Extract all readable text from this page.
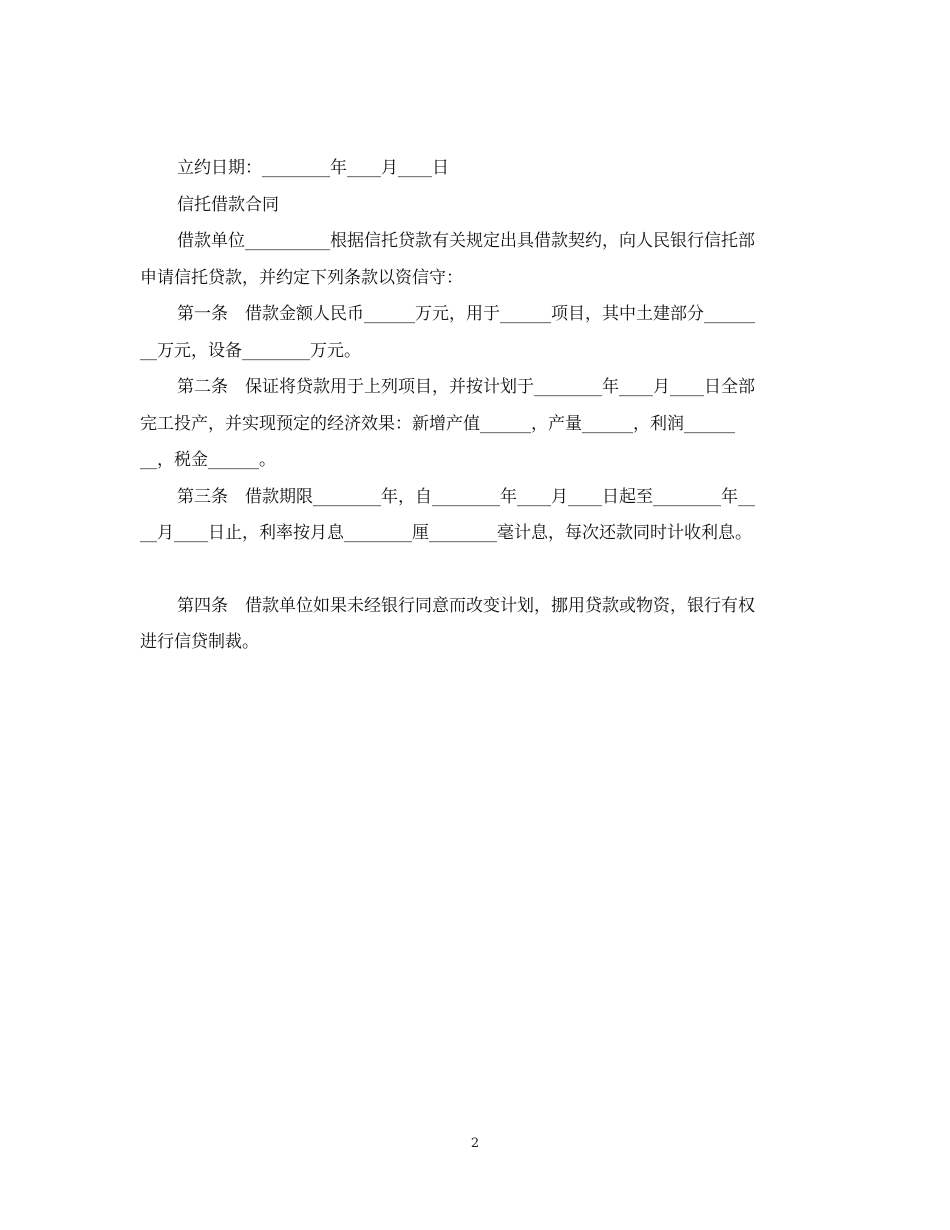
立约日期：________年____月____日
信托借款合同
借款单位__________根据信托贷款有关规定出具借款契约，向人民银行信托部
申请信托贷款，并约定下列条款以资信守：
第一条　借款金额人民币______万元，用于______项目，其中土建部分______
__万元，设备________万元。
第二条　保证将贷款用于上列项目，并按计划于________年____月____日全部
完工投产，并实现预定的经济效果：新增产值______，产量______，利润______
__，税金______。
第三条　借款期限________年，自________年____月____日起至________年__
__月____日止，利率按月息________厘________毫计息，每次还款同时计收利息。
第四条　借款单位如果未经银行同意而改变计划，挪用贷款或物资，银行有权
进行信贷制裁。
2
